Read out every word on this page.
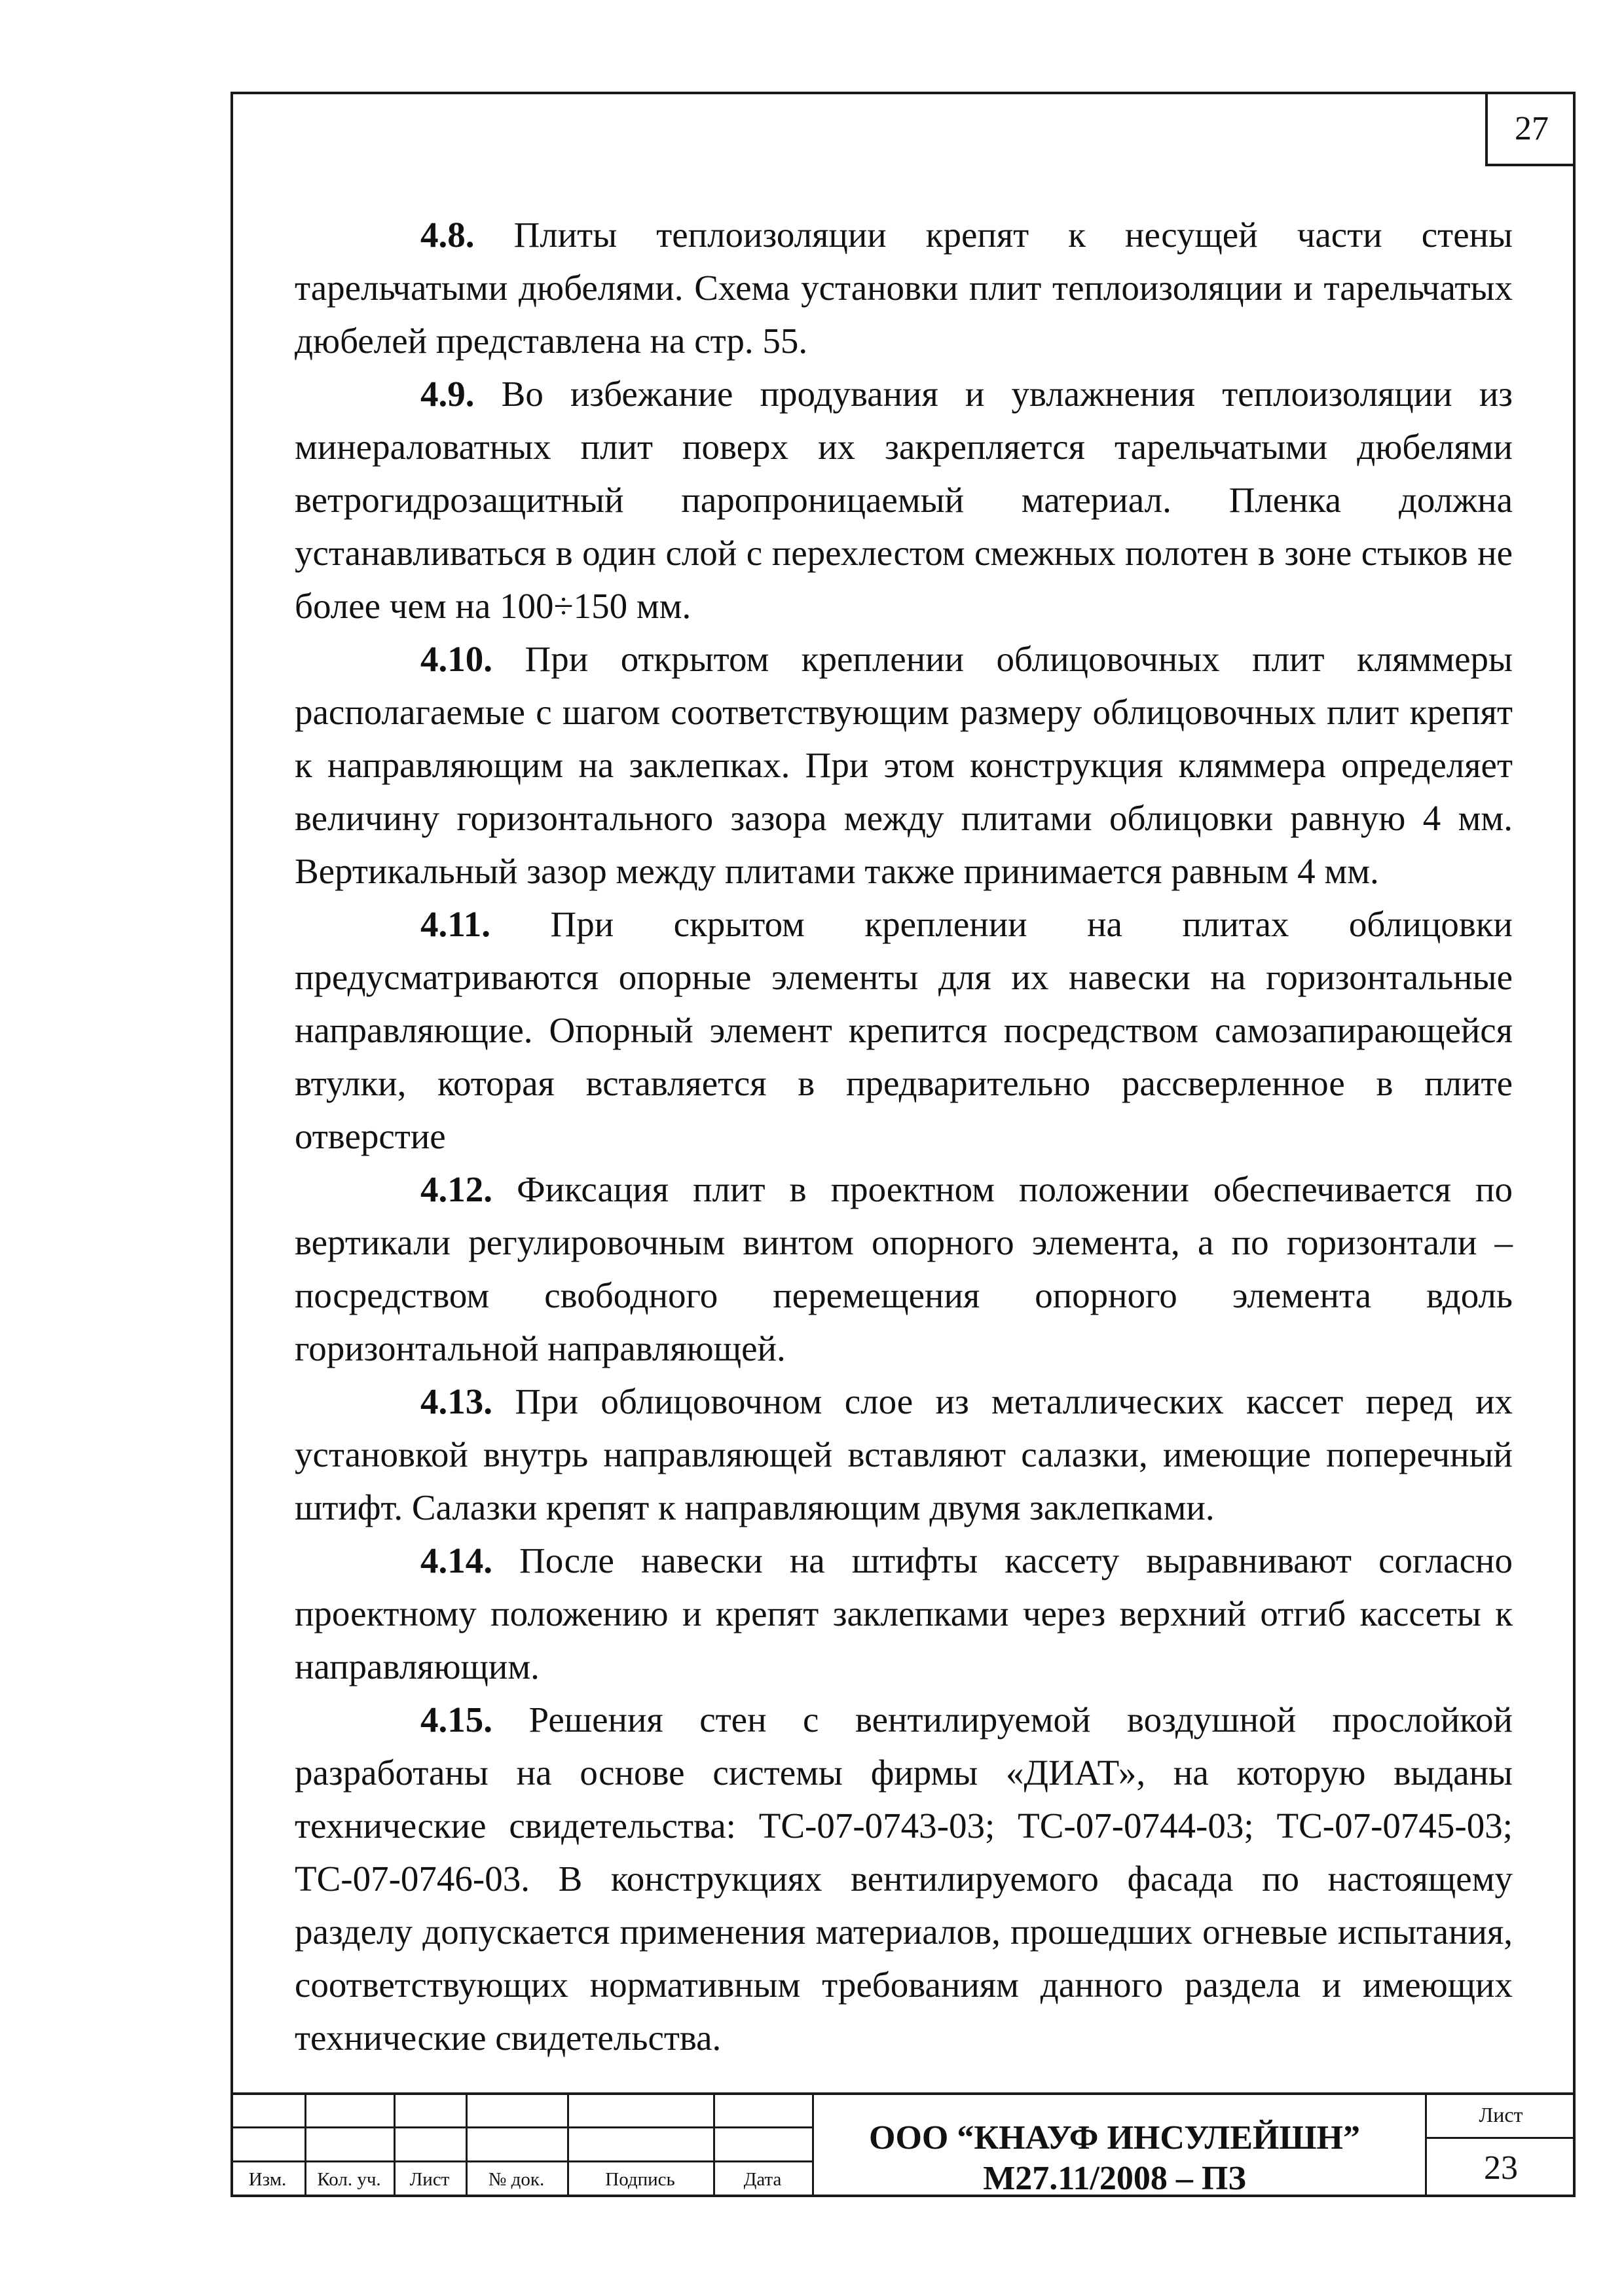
27

4.8. Плиты теплоизоляции крепят к несущей части стены тарельчатыми дюбелями. Схема установки плит теплоизоляции и тарельчатых дюбелей представлена на стр. 55.

4.9. Во избежание продувания и увлажнения теплоизоляции из минераловатных плит поверх их закрепляется тарельчатыми дюбелями ветрогидрозащитный паропроницаемый материал. Пленка должна устанавливаться в один слой с перехлестом смежных полотен в зоне стыков не более чем на 100÷150 мм.

4.10. При открытом креплении облицовочных плит кляммеры располагаемые с шагом соответствующим размеру облицовочных плит крепят к направляющим на заклепках. При этом конструкция кляммера определяет величину горизонтального зазора между плитами облицовки равную 4 мм. Вертикальный зазор между плитами также принимается равным 4 мм.

4.11. При скрытом креплении на плитах облицовки предусматриваются опорные элементы для их навески на горизонтальные направляющие. Опорный элемент крепится посредством самозапирающейся втулки, которая вставляется в предварительно рассверленное в плите отверстие

4.12. Фиксация плит в проектном положении обеспечивается по вертикали регулировочным винтом опорного элемента, а по горизонтали – посредством свободного перемещения опорного элемента вдоль горизонтальной направляющей.

4.13. При облицовочном слое из металлических кассет перед их установкой внутрь направляющей вставляют салазки, имеющие поперечный штифт. Салазки крепят к направляющим двумя заклепками.

4.14. После навески на штифты кассету выравнивают согласно проектному положению и крепят заклепками через верхний отгиб кассеты к направляющим.

4.15. Решения стен с вентилируемой воздушной прослойкой разработаны на основе системы фирмы «ДИАТ», на которую выданы технические свидетельства: ТС-07-0743-03; ТС-07-0744-03; ТС-07-0745-03; ТС-07-0746-03. В конструкциях вентилируемого фасада по настоящему разделу допускается применения материалов, прошедших огневые испытания, соответствующих нормативным требованиям данного раздела и имеющих технические свидетельства.

Изм.	Кол. уч.	Лист	№ док.	Подпись	Дата
ООО “КНАУФ ИНСУЛЕЙШН”
М27.11/2008 – ПЗ
Лист
23
